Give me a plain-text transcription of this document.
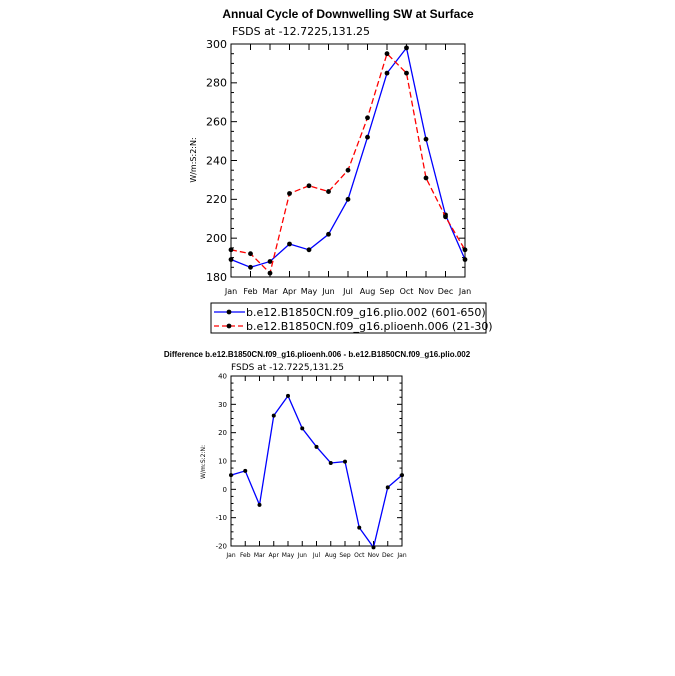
Annual Cycle of Downwelling SW at Surface
FSDS at -12.7225,131.25
W/m:S:2:N:
180
200
220
240
260
280
300
Jan Feb Mar Apr May Jun Jul Aug Sep Oct Nov Dec Jan
b.e12.B1850CN.f09_g16.plio.002 (601-650)
b.e12.B1850CN.f09_g16.plioenh.006 (21-30)
Difference b.e12.B1850CN.f09_g16.plioenh.006 - b.e12.B1850CN.f09_g16.plio.002
FSDS at -12.7225,131.25
W/m:S:2:N:
-20
-10
0
10
20
30
40
Jan Feb Mar Apr May Jun Jul Aug Sep Oct Nov Dec Jan
